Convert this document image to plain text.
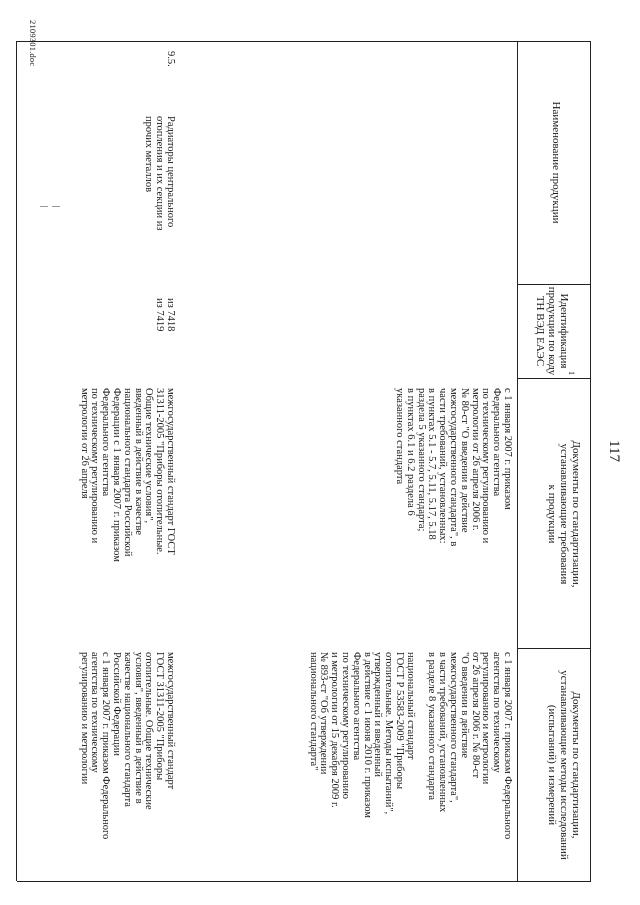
117
Наименование продукции
Идентификация
продукции по коду
ТН ВЭД ЕАЭС
1
Документы по стандартизации,
устанавливающие требования
к продукции
Документы по стандартизации,
устанавливающие методы исследований
(испытаний) и измерений
с 1 января 2007 г. приказом
Федерального агентства
по техническому регулированию и
метрологии от 26 апреля 2006 г.
№ 80-ст "О введении в действие
межгосударственного стандарта", в
части требований, установленных:
в пунктах 5.1 - 5.7, 5.11, 5.17, 5.18
раздела 5 указанного стандарта;
в пунктах 6.1 и 6.2 раздела 6
указанного стандарта
с 1 января 2007 г. приказом Федерального
агентства по техническому
регулированию и метрологии
от 26 апреля 2006 г. № 80-ст
"О введении в действие
межгосударственного стандарта",
в части требований, установленных
в разделе 8 указанного стандарта

национальный стандарт
ГОСТ Р 53583-2009 "Приборы
отопительные. Методы испытаний",
утвержденный и введенный
в действие с 1 июня 2010 г. приказом
Федерального агентства
по техническому регулированию
и метрологии от 15 декабря 2009 г.
№ 893-ст "Об утверждении
национального стандарта"
9.5.
Радиаторы центрального
отопления и их секции из
прочих металлов
из 7418
из 7419
межгосударственный стандарт ГОСТ
31311-2005 "Приборы отопительные.
Общие технические условия",
введенный в действие в качестве
национального стандарта Российской
Федерации с 1 января 2007 г. приказом
Федерального агентства
по техническому регулированию и
метрологии от 26 апреля
межгосударственный стандарт
ГОСТ 31311-2005 "Приборы
отопительные. Общие технические
условия", введенный в действие в
качестве национального стандарта
Российской Федерации
с 1 января 2007 г. приказом Федерального
агентства по техническому
регулированию и метрологии
2109301.doc
